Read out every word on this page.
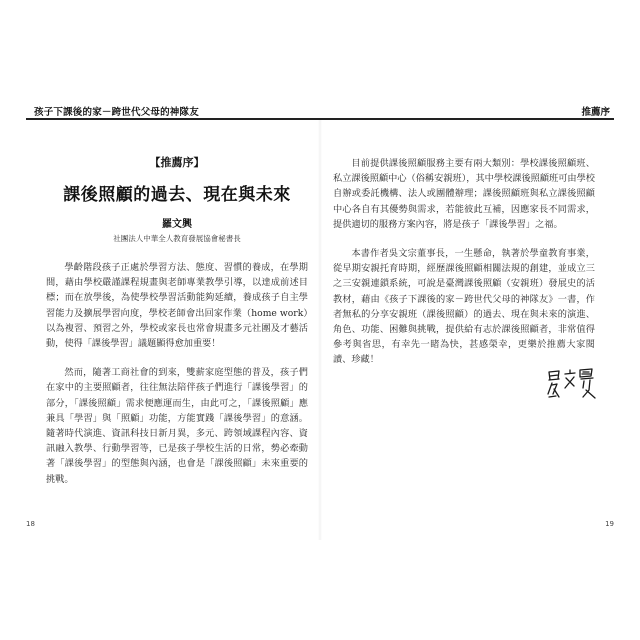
孩子下課後的家－跨世代父母的神隊友	推薦序
【推薦序】
課後照顧的過去、現在與未來
羅文興
社團法人中華全人教育發展協會秘書長

學齡階段孩子正處於學習方法、態度、習慣的養成，在學期間，藉由學校嚴謹課程規畫與老師專業教學引導，以達成前述目標；而在放學後，為使學校學習活動能夠延續，養成孩子自主學習能力及擴展學習向度，學校老師會出回家作業（home work）以為複習、預習之外，學校或家長也常會規畫多元社團及才藝活動，使得「課後學習」議題顯得愈加重要！

然而，隨著工商社會的到來，雙薪家庭型態的普及，孩子們在家中的主要照顧者，往往無法陪伴孩子們進行「課後學習」的部分，「課後照顧」需求便應運而生，由此可之，「課後照顧」應兼具「學習」與「照顧」功能，方能實踐「課後學習」的意涵。隨著時代演進、資訊科技日新月異，多元、跨領域課程內容、資訊融入教學、行動學習等，已是孩子學校生活的日常，勢必牽動著「課後學習」的型態與內涵，也會是「課後照顧」未來重要的挑戰。

目前提供課後照顧服務主要有兩大類別：學校課後照顧班、私立課後照顧中心（俗稱安親班），其中學校課後照顧班可由學校自辦或委託機構、法人或團體辦理；課後照顧班與私立課後照顧中心各自有其優勢與需求，若能彼此互補，因應家長不同需求，提供適切的服務方案內容，將是孩子「課後學習」之福。

本書作者吳文宗董事長，一生懸命，執著於學童教育事業，從早期安親托育時期，經歷課後照顧相關法規的創建，並成立三之三安親連鎖系統，可說是臺灣課後照顧（安親班）發展史的活教材，藉由《孩子下課後的家－跨世代父母的神隊友》一書，作者無私的分享安親班（課後照顧）的過去、現在與未來的演進、角色、功能、困難與挑戰，提供給有志於課後照顧者，非常值得參考與省思，有幸先一睹為快，甚感榮幸，更樂於推薦大家閱讀、珍藏！

18	19
